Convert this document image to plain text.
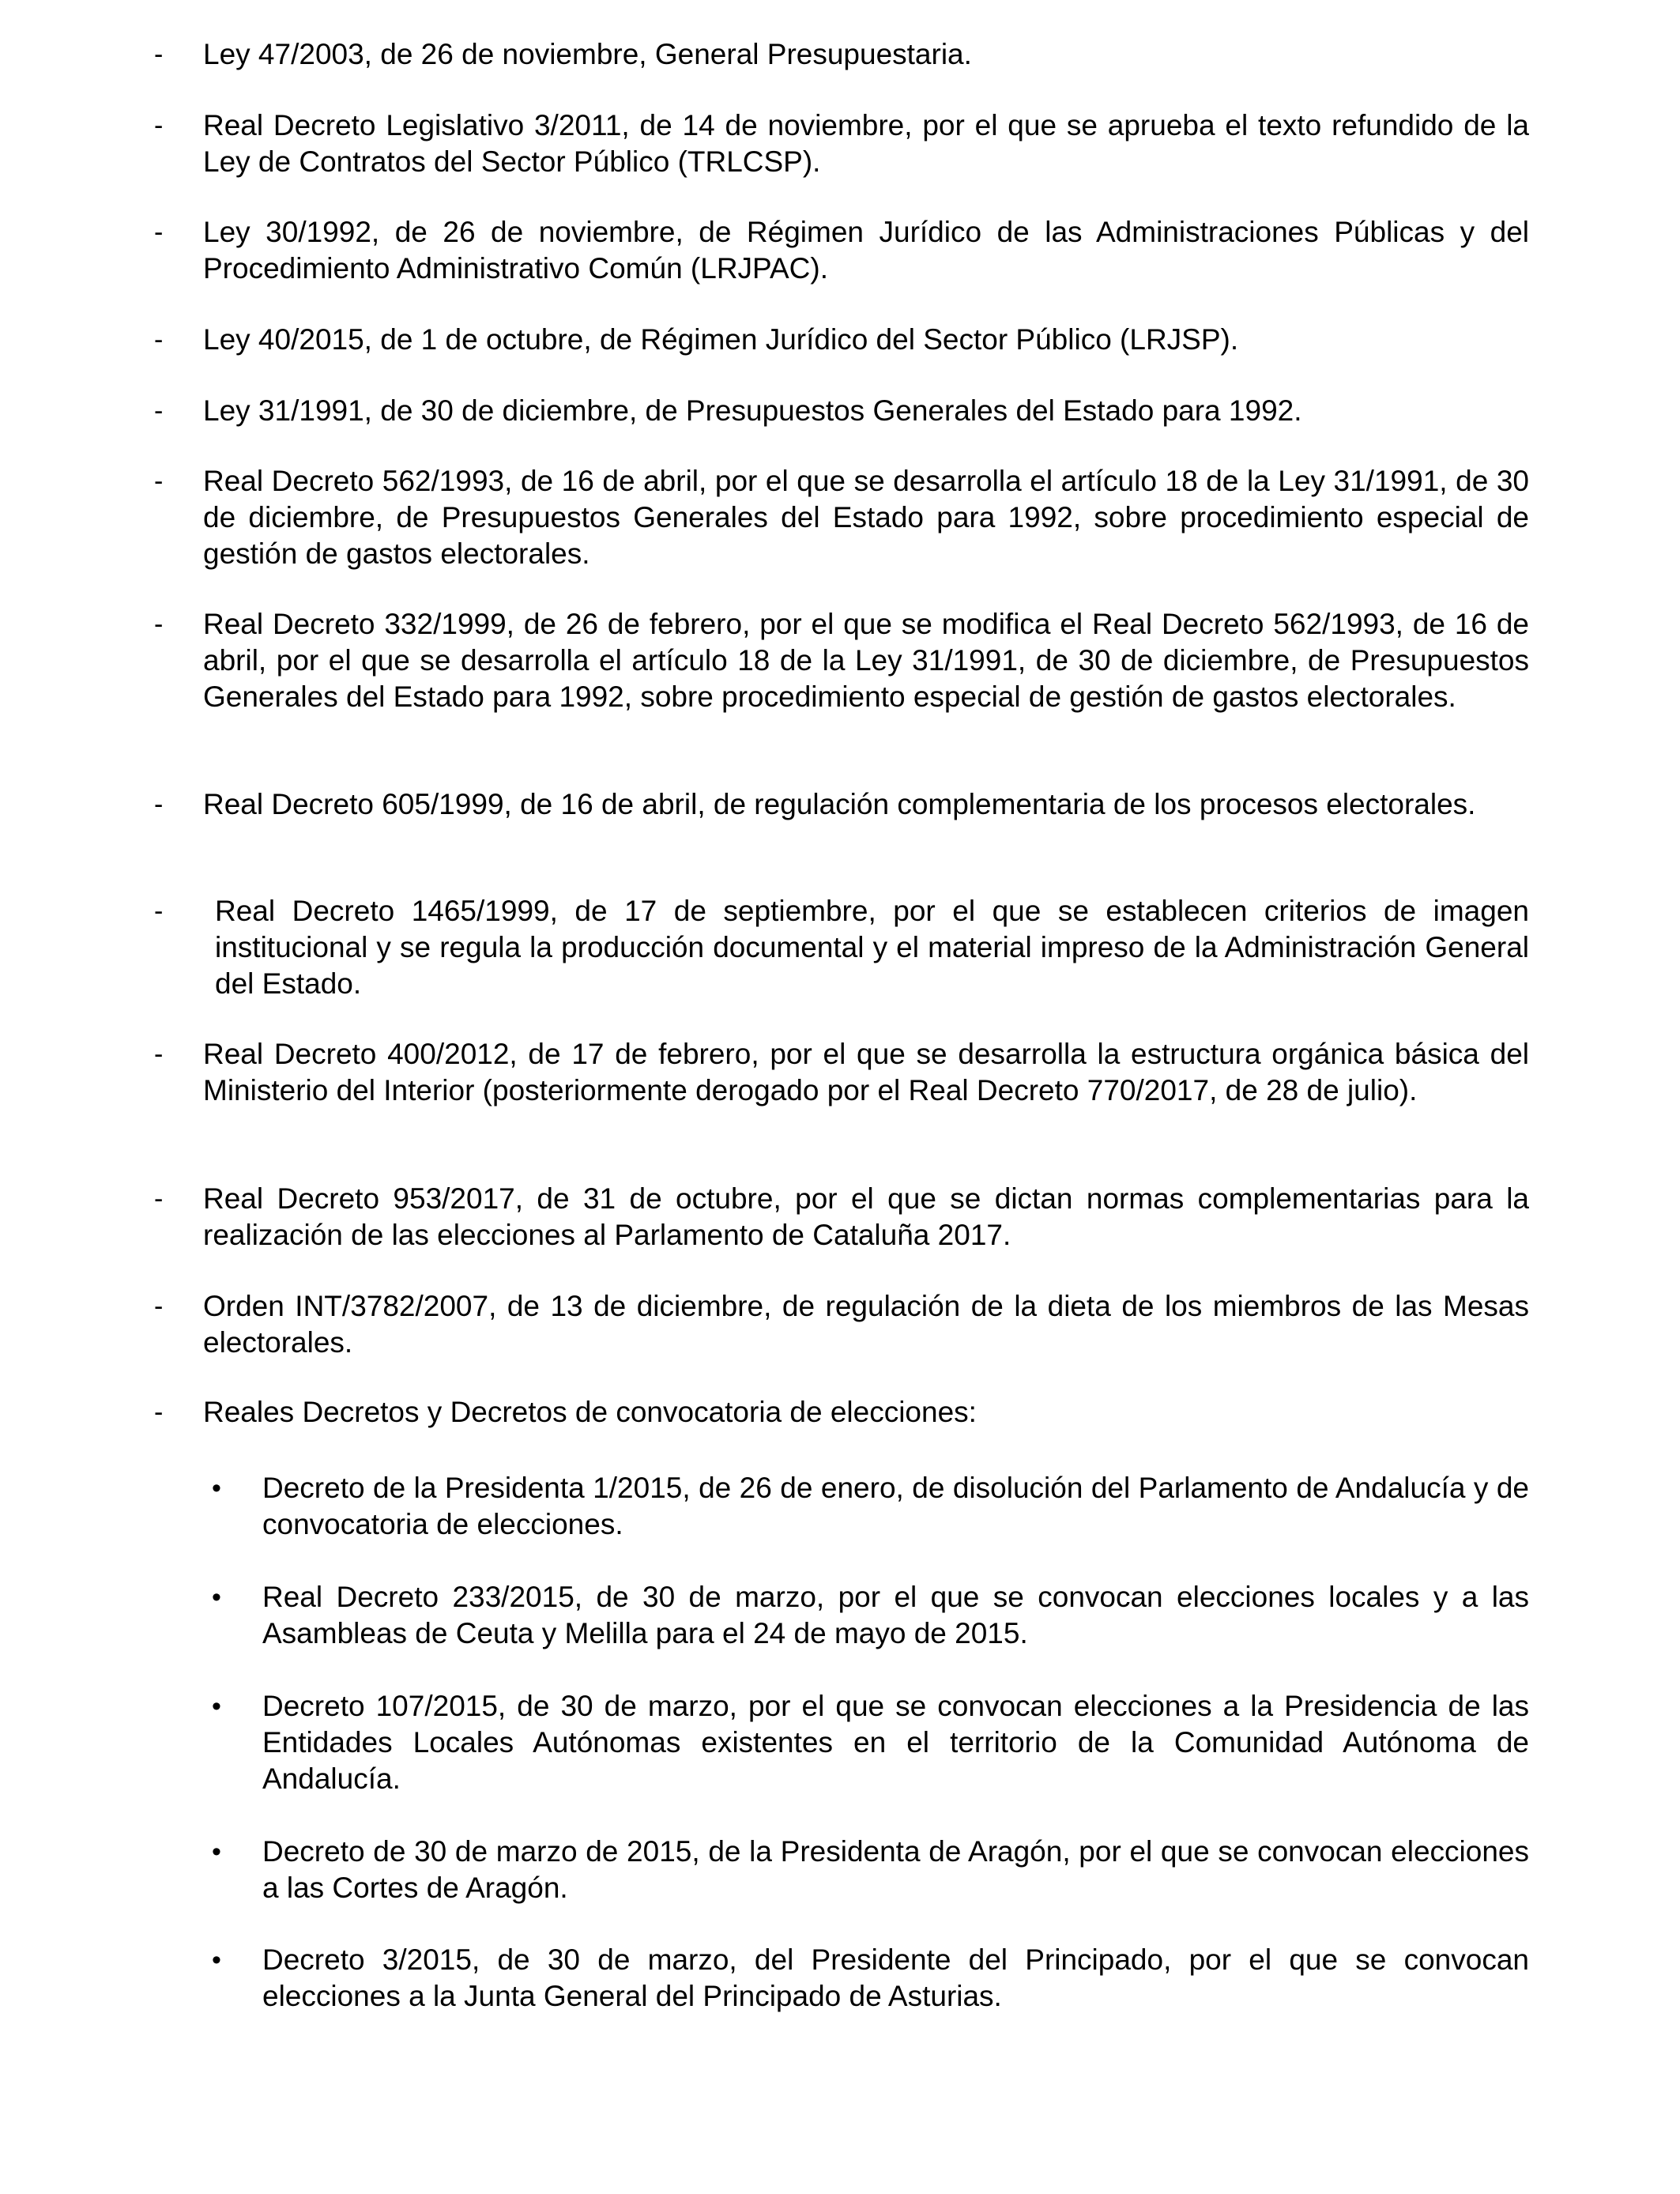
- Ley 47/2003, de 26 de noviembre, General Presupuestaria.

- Real Decreto Legislativo 3/2011, de 14 de noviembre, por el que se aprueba el texto refundido de la Ley de Contratos del Sector Público (TRLCSP).

- Ley 30/1992, de 26 de noviembre, de Régimen Jurídico de las Administraciones Públicas y del Procedimiento Administrativo Común (LRJPAC).

- Ley 40/2015, de 1 de octubre, de Régimen Jurídico del Sector Público (LRJSP).

- Ley 31/1991, de 30 de diciembre, de Presupuestos Generales del Estado para 1992.

- Real Decreto 562/1993, de 16 de abril, por el que se desarrolla el artículo 18 de la Ley 31/1991, de 30 de diciembre, de Presupuestos Generales del Estado para 1992, sobre procedimiento especial de gestión de gastos electorales.

- Real Decreto 332/1999, de 26 de febrero, por el que se modifica el Real Decreto 562/1993, de 16 de abril, por el que se desarrolla el artículo 18 de la Ley 31/1991, de 30 de diciembre, de Presupuestos Generales del Estado para 1992, sobre procedimiento especial de gestión de gastos electorales.

- Real Decreto 605/1999, de 16 de abril, de regulación complementaria de los procesos electorales.

- Real Decreto 1465/1999, de 17 de septiembre, por el que se establecen criterios de imagen institucional y se regula la producción documental y el material impreso de la Administración General del Estado.

- Real Decreto 400/2012, de 17 de febrero, por el que se desarrolla la estructura orgánica básica del Ministerio del Interior (posteriormente derogado por el Real Decreto 770/2017, de 28 de julio).

- Real Decreto 953/2017, de 31 de octubre, por el que se dictan normas complementarias para la realización de las elecciones al Parlamento de Cataluña 2017.

- Orden INT/3782/2007, de 13 de diciembre, de regulación de la dieta de los miembros de las Mesas electorales.

- Reales Decretos y Decretos de convocatoria de elecciones:

• Decreto de la Presidenta 1/2015, de 26 de enero, de disolución del Parlamento de Andalucía y de convocatoria de elecciones.

• Real Decreto 233/2015, de 30 de marzo, por el que se convocan elecciones locales y a las Asambleas de Ceuta y Melilla para el 24 de mayo de 2015.

• Decreto 107/2015, de 30 de marzo, por el que se convocan elecciones a la Presidencia de las Entidades Locales Autónomas existentes en el territorio de la Comunidad Autónoma de Andalucía.

• Decreto de 30 de marzo de 2015, de la Presidenta de Aragón, por el que se convocan elecciones a las Cortes de Aragón.

• Decreto 3/2015, de 30 de marzo, del Presidente del Principado, por el que se convocan elecciones a la Junta General del Principado de Asturias.
